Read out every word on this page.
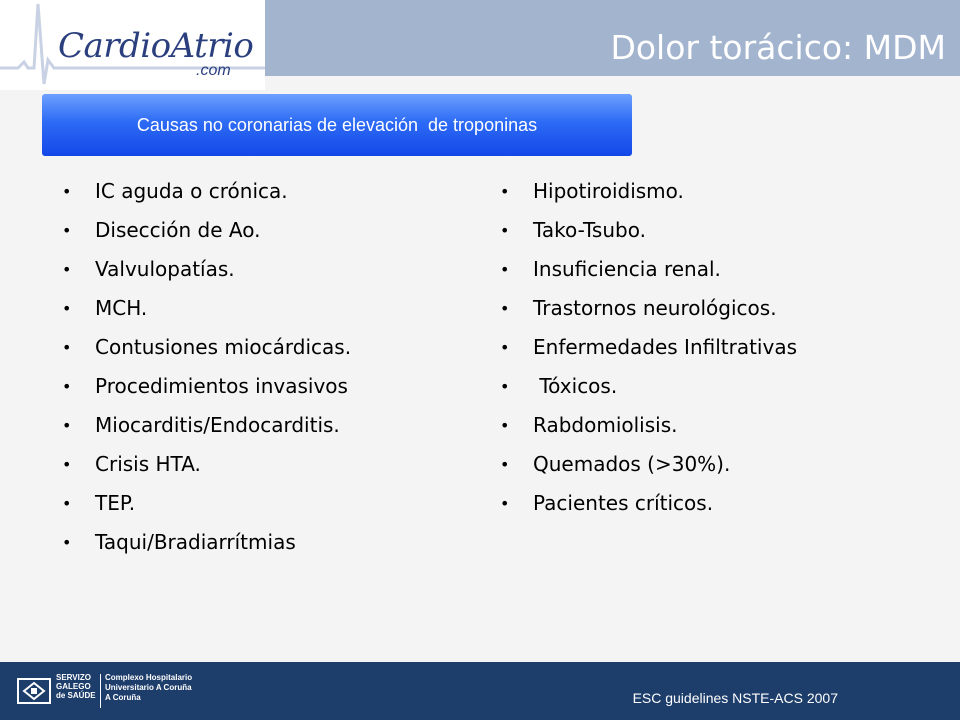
CardioAtrio
.com
Dolor torácico: MDM
Causas no coronarias de elevación  de troponinas
• IC aguda o crónica.
• Disección de Ao.
• Valvulopatías.
• MCH.
• Contusiones miocárdicas.
• Procedimientos invasivos
• Miocarditis/Endocarditis.
• Crisis HTA.
• TEP.
• Taqui/Bradiarrítmias
• Hipotiroidismo.
• Tako-Tsubo.
• Insuficiencia renal.
• Trastornos neurológicos.
• Enfermedades Infiltrativas
• Tóxicos.
• Rabdomiolisis.
• Quemados (>30%).
• Pacientes críticos.
SERVIZO
GALEGO
de SAÚDE
Complexo Hospitalario
Universitario A Coruña
A Coruña	ESC guidelines NSTE-ACS 2007
